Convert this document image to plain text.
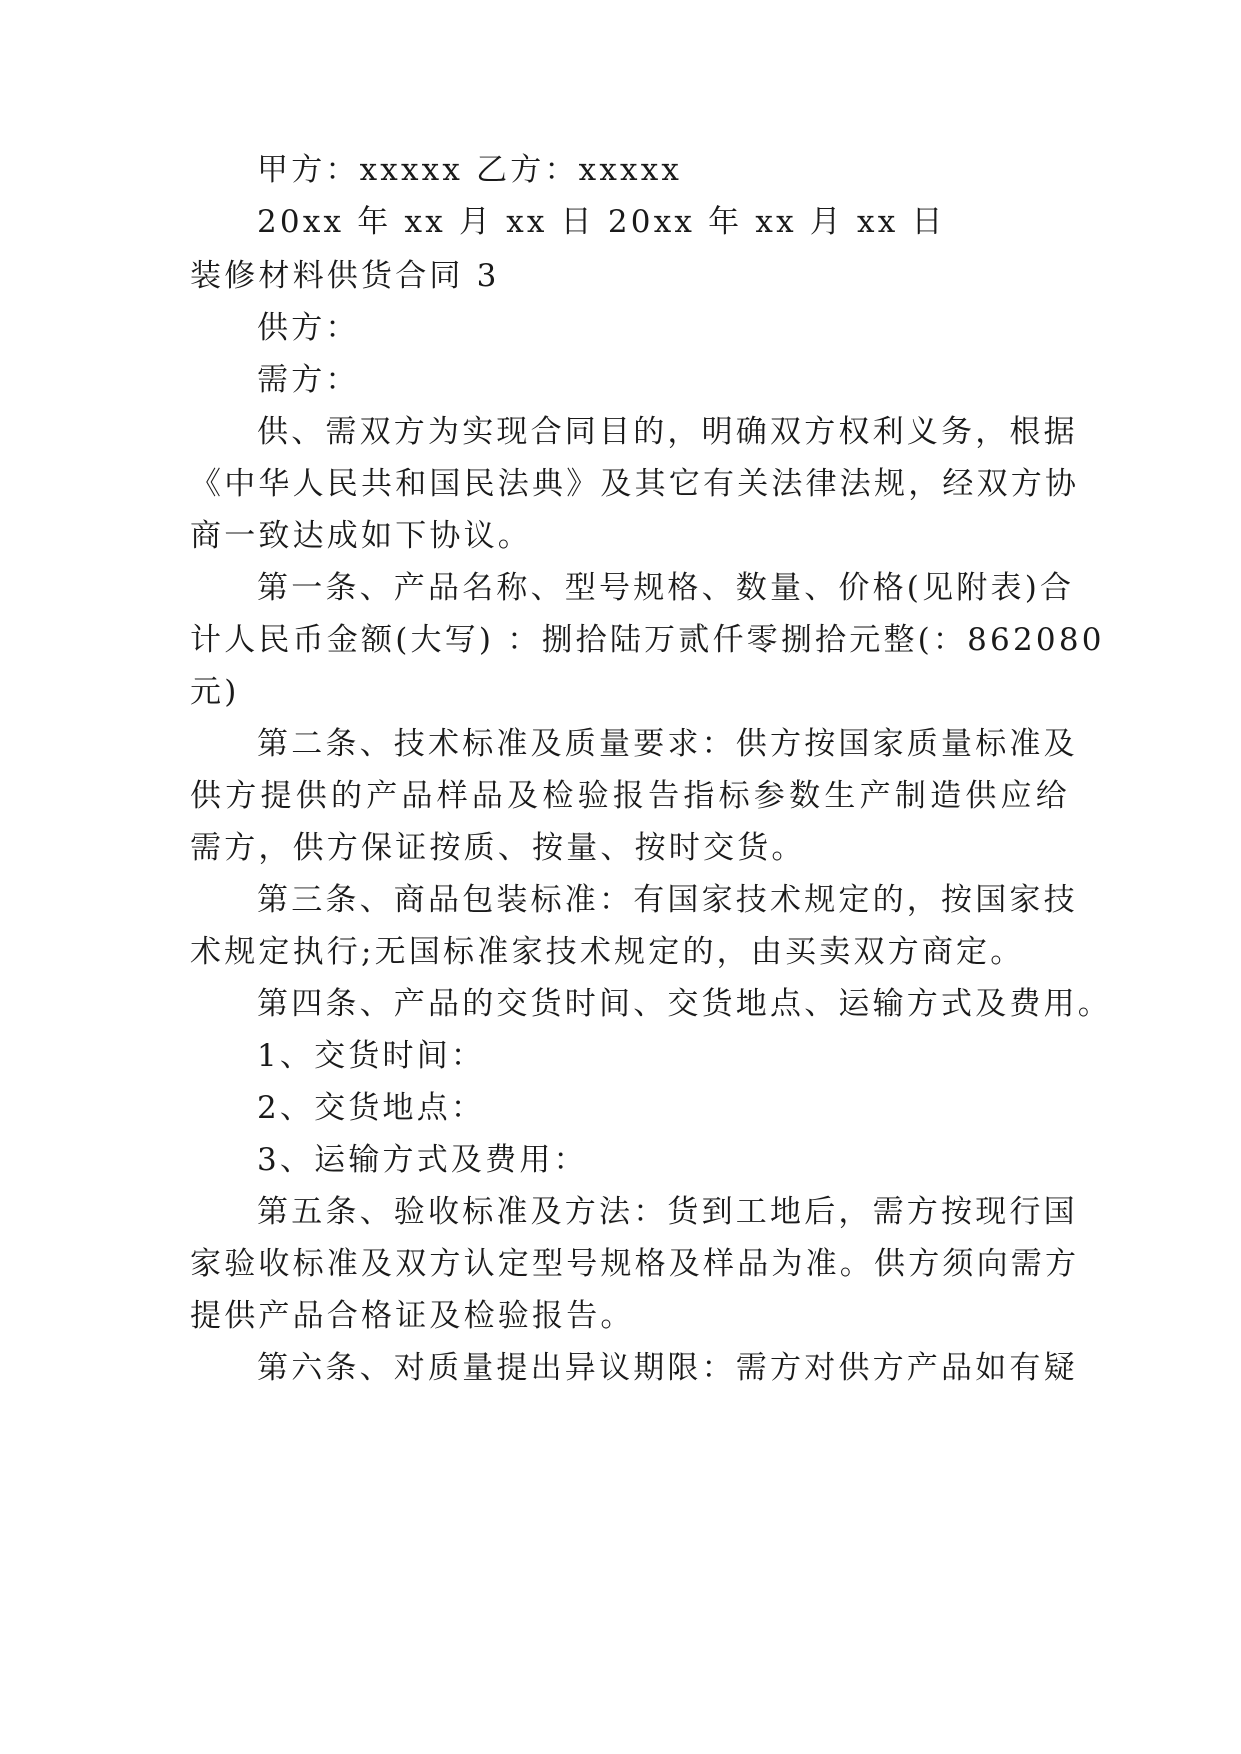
甲方：xxxxx 乙方：xxxxx
20xx 年 xx 月 xx 日 20xx 年 xx 月 xx 日
装修材料供货合同 3
供方：
需方：
供、需双方为实现合同目的，明确双方权利义务，根据
《中华人民共和国民法典》及其它有关法律法规，经双方协
商一致达成如下协议。
第一条、产品名称、型号规格、数量、价格(见附表)合
计人民币金额(大写) ：捌拾陆万贰仟零捌拾元整(：862080
元)
第二条、技术标准及质量要求：供方按国家质量标准及
供方提供的产品样品及检验报告指标参数生产制造供应给
需方，供方保证按质、按量、按时交货。
第三条、商品包装标准：有国家技术规定的，按国家技
术规定执行;无国标准家技术规定的，由买卖双方商定。
第四条、产品的交货时间、交货地点、运输方式及费用。
1、交货时间：
2、交货地点：
3、运输方式及费用：
第五条、验收标准及方法：货到工地后，需方按现行国
家验收标准及双方认定型号规格及样品为准。供方须向需方
提供产品合格证及检验报告。
第六条、对质量提出异议期限：需方对供方产品如有疑
